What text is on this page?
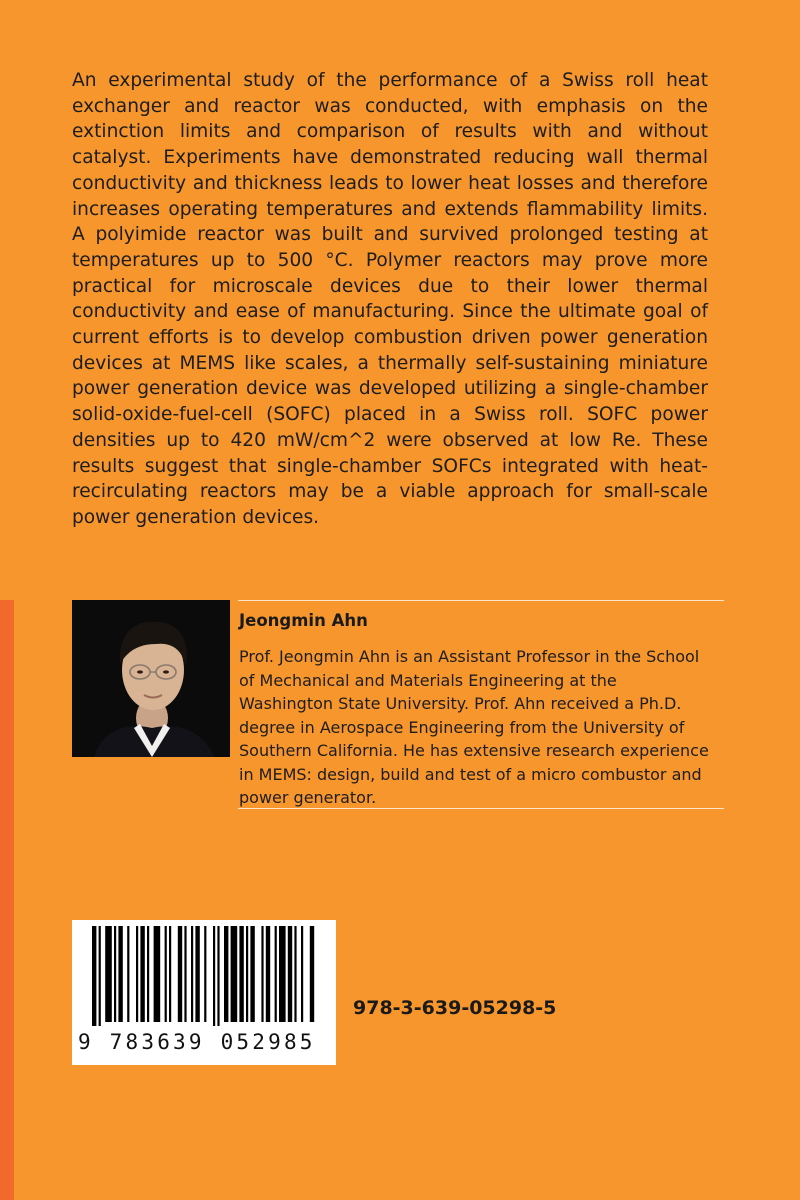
An experimental study of the performance of a Swiss roll heat exchanger and reactor was conducted, with emphasis on the extinction limits and comparison of results with and without catalyst. Experiments have demonstrated reducing wall thermal conductivity and thickness leads to lower heat losses and therefore increases operating temperatures and extends flammability limits. A polyimide reactor was built and survived prolonged testing at temperatures up to 500 °C. Polymer reactors may prove more practical for microscale devices due to their lower thermal conductivity and ease of manufacturing. Since the ultimate goal of current efforts is to develop combustion driven power generation devices at MEMS like scales, a thermally self-sustaining miniature power generation device was developed utilizing a single-chamber solid-oxide-fuel-cell (SOFC) placed in a Swiss roll. SOFC power densities up to 420 mW/cm^2 were observed at low Re. These results suggest that single-chamber SOFCs integrated with heat-recirculating reactors may be a viable approach for small-scale power generation devices.

Jeongmin Ahn

Prof. Jeongmin Ahn is an Assistant Professor in the School of Mechanical and Materials Engineering at the Washington State University. Prof. Ahn received a Ph.D. degree in Aerospace Engineering from the University of Southern California. He has extensive research experience in MEMS: design, build and test of a micro combustor and power generator.

9 783639 052985

978-3-639-05298-5
